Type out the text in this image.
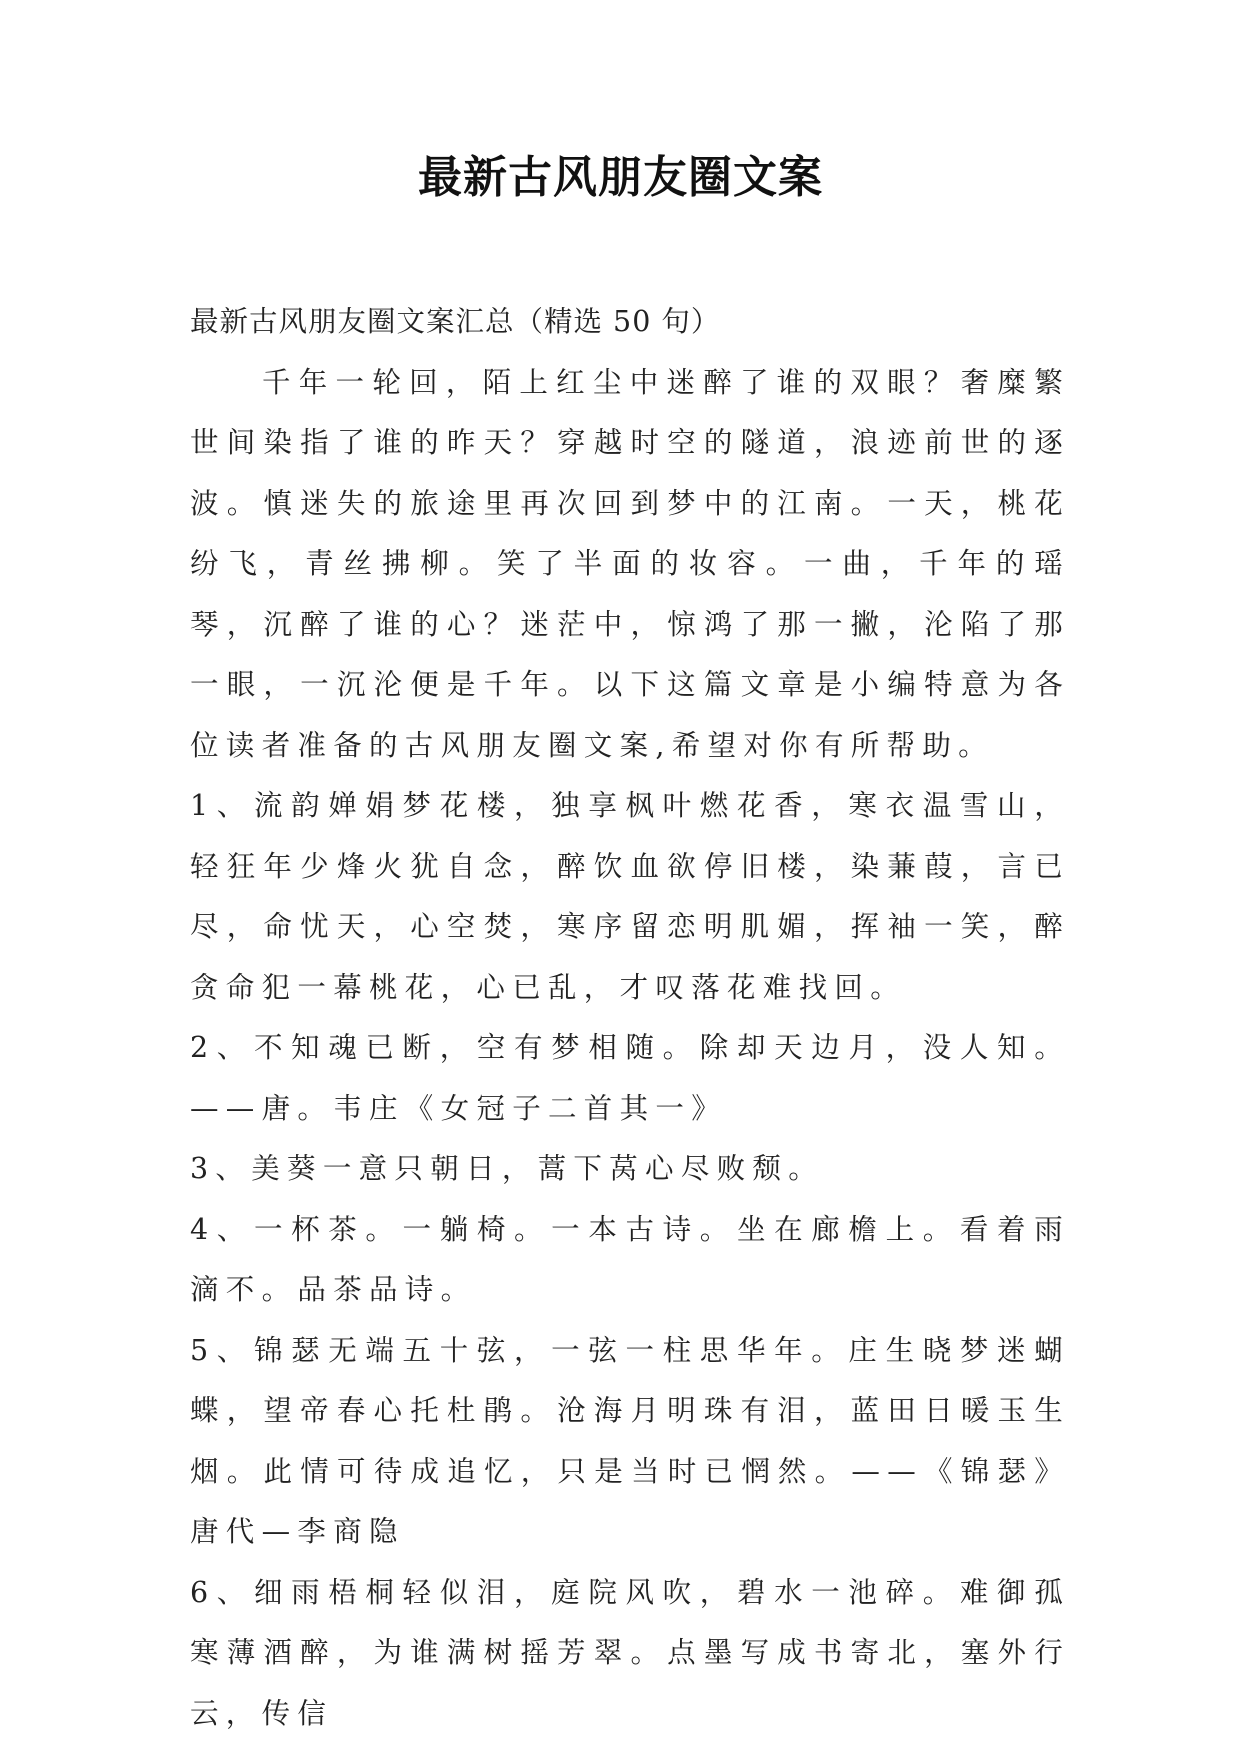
最新古风朋友圈文案

最新古风朋友圈文案汇总（精选 50 句）

千年一轮回，陌上红尘中迷醉了谁的双眼？奢糜繁世间染指了谁的昨天？穿越时空的隧道，浪迹前世的逐波。慎迷失的旅途里再次回到梦中的江南。一天，桃花纷飞，青丝拂柳。笑了半面的妆容。一曲，千年的瑶琴，沉醉了谁的心？迷茫中，惊鸿了那一撇，沦陷了那一眼，一沉沦便是千年。以下这篇文章是小编特意为各位读者准备的古风朋友圈文案,希望对你有所帮助。

1、流韵婵娟梦花楼，独享枫叶燃花香，寒衣温雪山，轻狂年少烽火犹自念，醉饮血欲停旧楼，染蒹葭，言已尽，命忧天，心空焚，寒序留恋明肌媚，挥袖一笑，醉贪命犯一幕桃花，心已乱，才叹落花难找回。

2、不知魂已断，空有梦相随。除却天边月，没人知。——唐。韦庄《女冠子二首其一》

3、美葵一意只朝日，蒿下莴心尽败颓。

4、一杯茶。一躺椅。一本古诗。坐在廊檐上。看着雨滴不。品茶品诗。

5、锦瑟无端五十弦，一弦一柱思华年。庄生晓梦迷蝴蝶，望帝春心托杜鹃。沧海月明珠有泪，蓝田日暖玉生烟。此情可待成追忆，只是当时已惘然。——《锦瑟》唐代—李商隐

6、细雨梧桐轻似泪，庭院风吹，碧水一池碎。难御孤寒薄酒醉，为谁满树摇芳翠。点墨写成书寄北，塞外行云，传信
